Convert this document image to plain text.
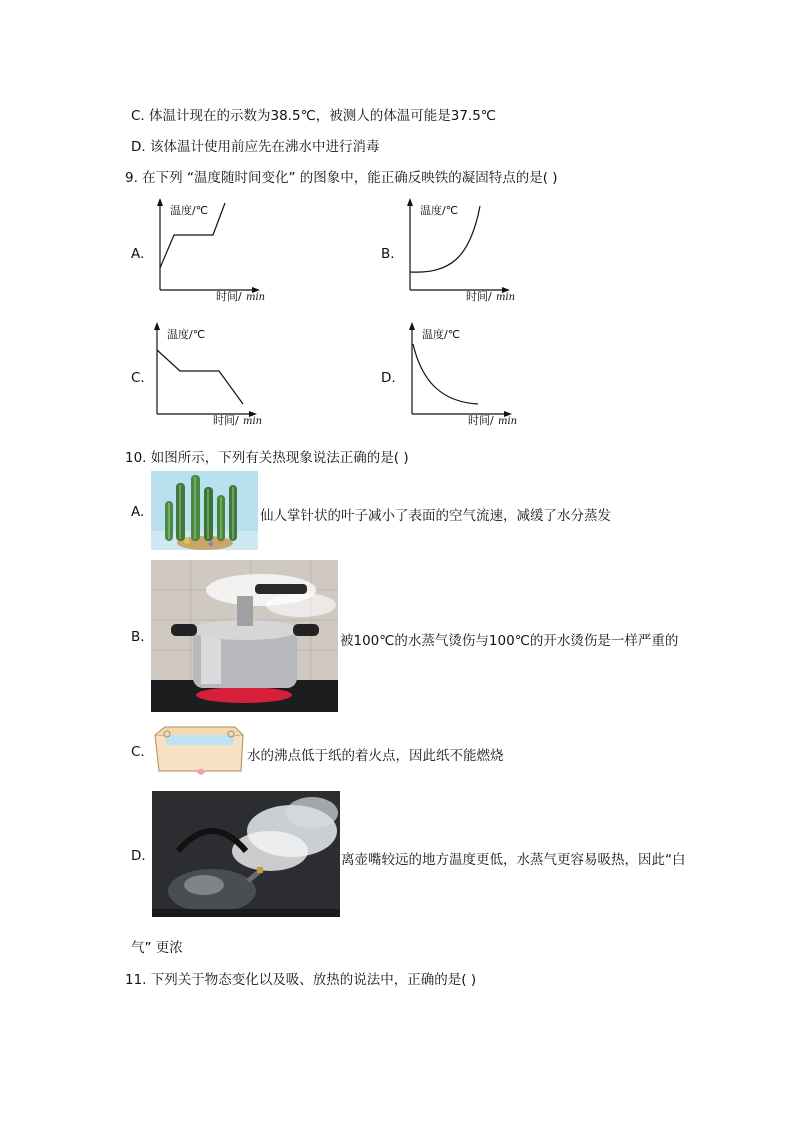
C. 体温计现在的示数为38.5℃，被测人的体温可能是37.5℃
D. 该体温计使用前应先在沸水中进行消毒
9. 在下列 “温度随时间变化” 的图象中，能正确反映铁的凝固特点的是( )
A.
温度/℃
时间/ min
B.
温度/℃
时间/ min
C.
温度/℃
时间/ min
D.
温度/℃
时间/ min
10. 如图所示，下列有关热现象说法正确的是( )
A.	仙人掌针状的叶子减小了表面的空气流速，减缓了水分蒸发
B.	被100℃的水蒸气烫伤与100℃的开水烫伤是一样严重的
C.	水的沸点低于纸的着火点，因此纸不能燃烧
D.	离壶嘴较远的地方温度更低，水蒸气更容易吸热，因此“白
气” 更浓
11. 下列关于物态变化以及吸、放热的说法中，正确的是( )
